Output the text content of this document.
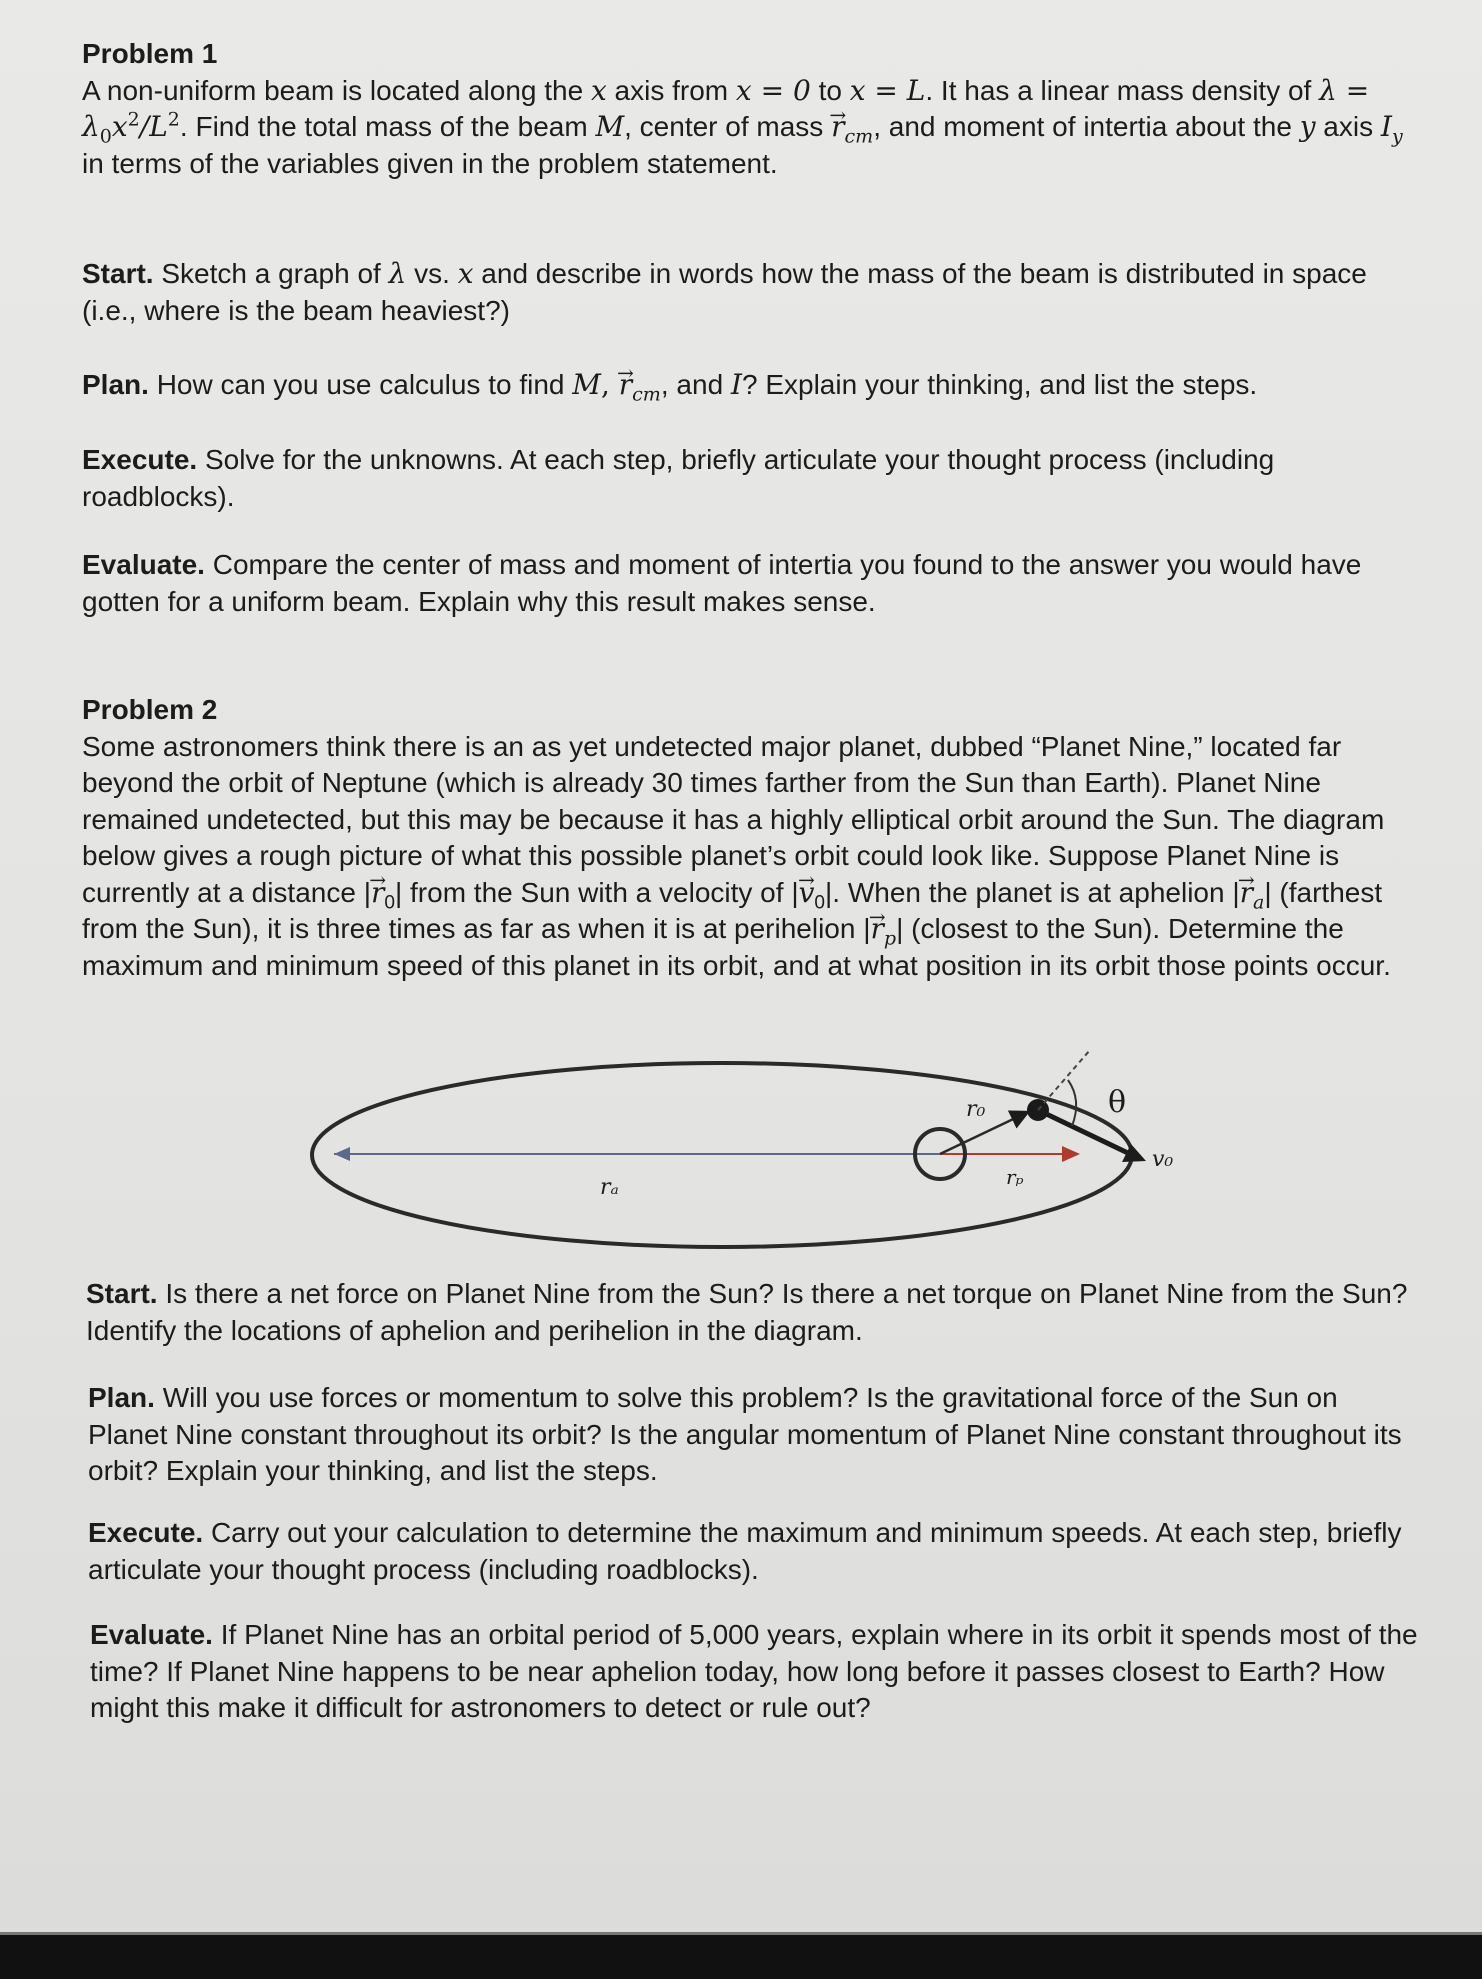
Problem 1

A non-uniform beam is located along the x axis from x = 0 to x = L. It has a linear mass density of $\lambda = \lambda_0x^2/L^2$. Find the total mass of the beam M, center of mass → $r_{cm}$, and moment of intertia about the y axis $I_y$ in terms of the variables given in the problem statement.

Start. Sketch a graph of λ vs. x and describe in words how the mass of the beam is distributed in space (i.e., where is the beam heaviest?)

Plan. How can you use calculus to find M, → $r_{cm}$, and I? Explain your thinking, and list the steps.

Execute. Solve for the unknowns. At each step, briefly articulate your thought process (including roadblocks).

Evaluate. Compare the center of mass and moment of intertia you found to the answer you would have gotten for a uniform beam. Explain why this result makes sense.

Problem 2

Some astronomers think there is an as yet undetected major planet, dubbed “Planet Nine,” located far beyond the orbit of Neptune (which is already 30 times farther from the Sun than Earth). Planet Nine remained undetected, but this may be because it has a highly elliptical orbit around the Sun. The diagram below gives a rough picture of what this possible planet’s orbit could look like. Suppose Planet Nine is currently at a distance |→ $r_0|$ from the Sun with a velocity of |→ $v_0|$. When the planet is at aphelion |→ $r_a|$ (farthest from the Sun), it is three times as far as when it is at perihelion |→ $r_p|$ (closest to the Sun). Determine the maximum and minimum speed of this planet in its orbit, and at what position in its orbit those points occur.

r₀
rₚ
rₐ
v₀
θ

Start. Is there a net force on Planet Nine from the Sun? Is there a net torque on Planet Nine from the Sun? Identify the locations of aphelion and perihelion in the diagram.

Plan. Will you use forces or momentum to solve this problem? Is the gravitational force of the Sun on Planet Nine constant throughout its orbit? Is the angular momentum of Planet Nine constant throughout its orbit? Explain your thinking, and list the steps.

Execute. Carry out your calculation to determine the maximum and minimum speeds. At each step, briefly articulate your thought process (including roadblocks).

Evaluate. If Planet Nine has an orbital period of 5,000 years, explain where in its orbit it spends most of the time? If Planet Nine happens to be near aphelion today, how long before it passes closest to Earth? How might this make it difficult for astronomers to detect or rule out?
